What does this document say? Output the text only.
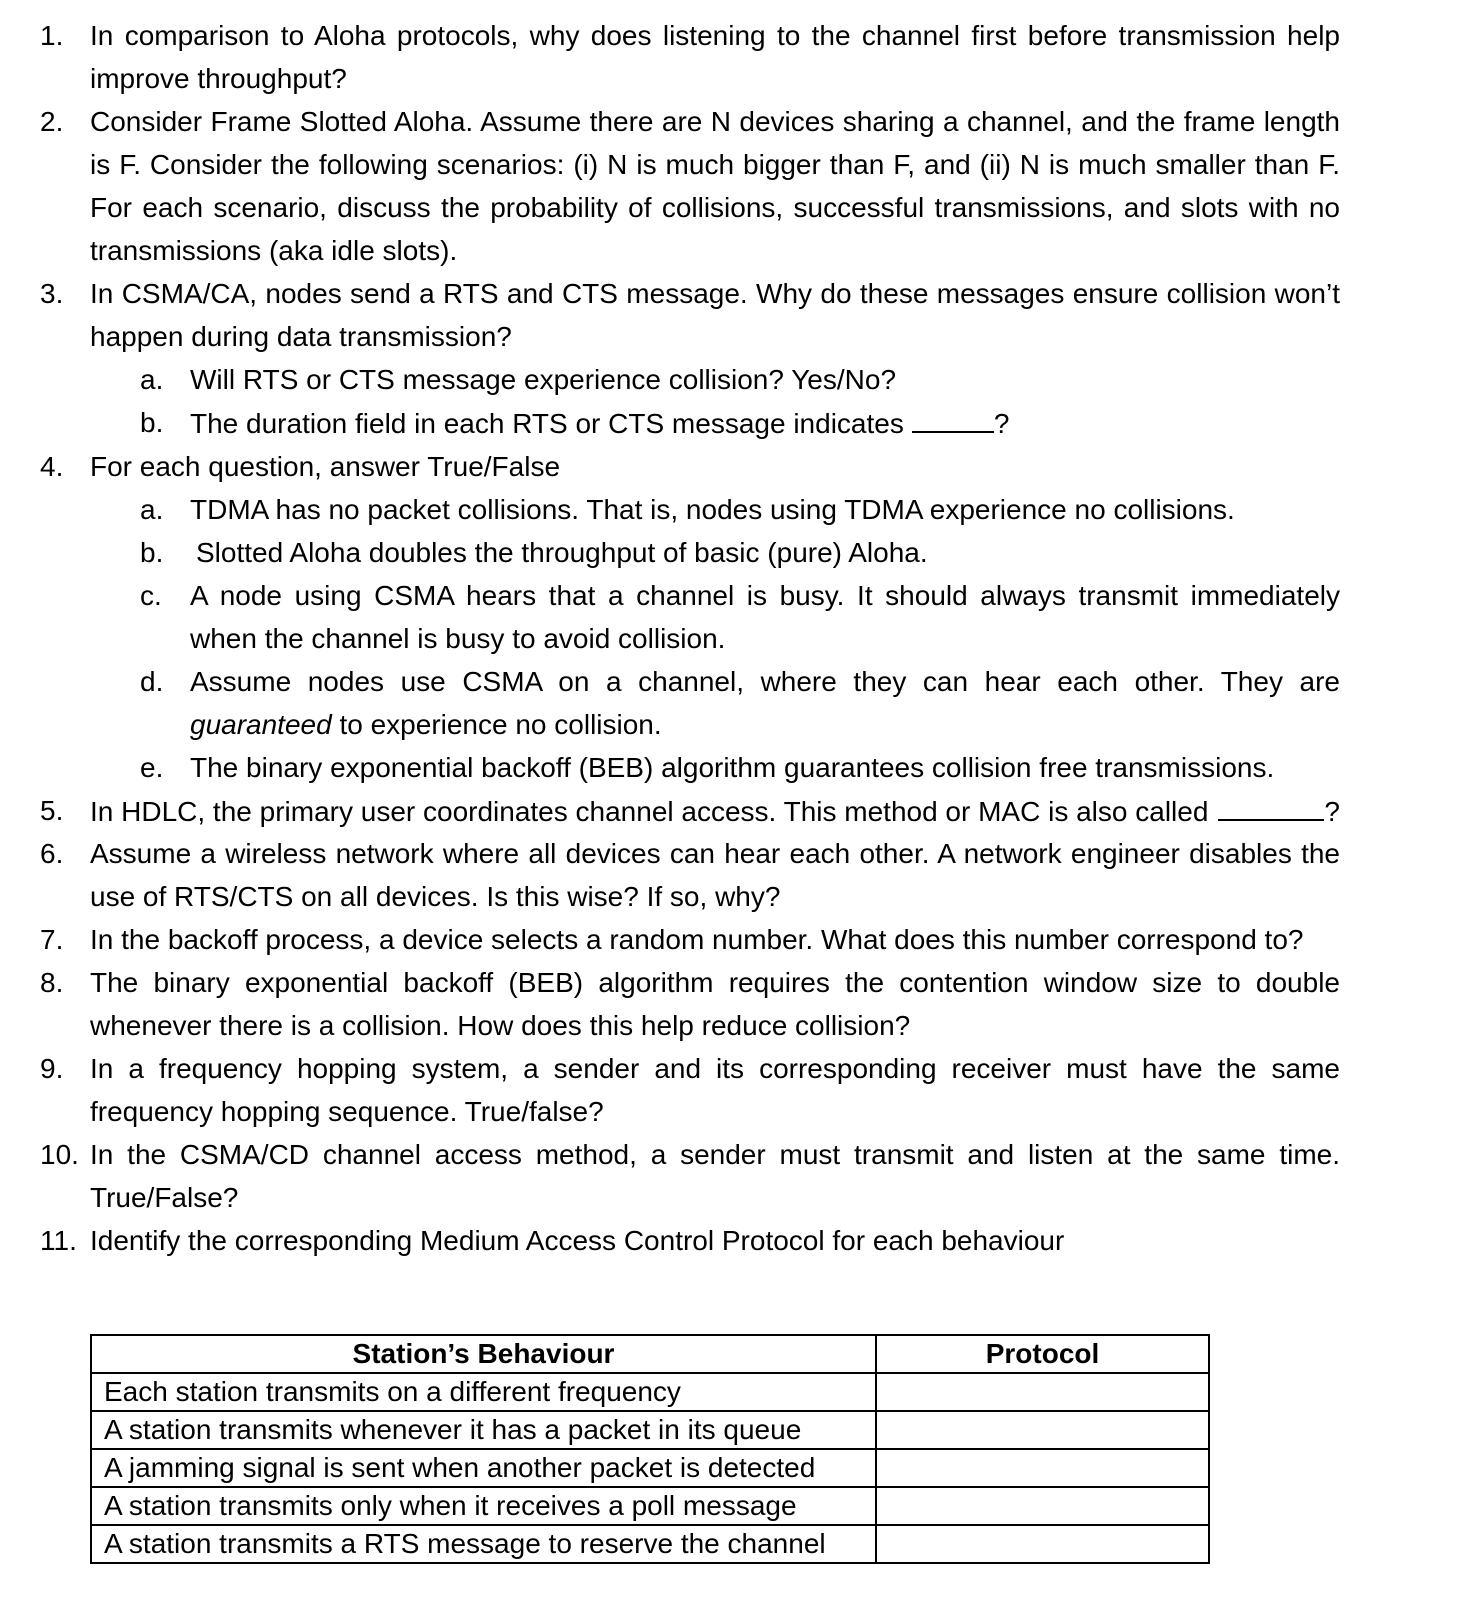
1. In comparison to Aloha protocols, why does listening to the channel first before transmission help
improve throughput?
2. Consider Frame Slotted Aloha. Assume there are N devices sharing a channel, and the frame length
is F. Consider the following scenarios: (i) N is much bigger than F, and (ii) N is much smaller than F.
For each scenario, discuss the probability of collisions, successful transmissions, and slots with no
transmissions (aka idle slots).
3. In CSMA/CA, nodes send a RTS and CTS message. Why do these messages ensure collision won’t
happen during data transmission?
a. Will RTS or CTS message experience collision? Yes/No?
b. The duration field in each RTS or CTS message indicates	?
4. For each question, answer True/False
a. TDMA has no packet collisions. That is, nodes using TDMA experience no collisions.
b. Slotted Aloha doubles the throughput of basic (pure) Aloha.
c. A node using CSMA hears that a channel is busy. It should always transmit immediately
when the channel is busy to avoid collision.
d. Assume nodes use CSMA on a channel, where they can hear each other. They are
guaranteed to experience no collision.
e. The binary exponential backoff (BEB) algorithm guarantees collision free transmissions.
5. In HDLC, the primary user coordinates channel access. This method or MAC is also called	?
6. Assume a wireless network where all devices can hear each other. A network engineer disables the
use of RTS/CTS on all devices. Is this wise? If so, why?
7. In the backoff process, a device selects a random number. What does this number correspond to?
8. The binary exponential backoff (BEB) algorithm requires the contention window size to double
whenever there is a collision. How does this help reduce collision?
9. In a frequency hopping system, a sender and its corresponding receiver must have the same
frequency hopping sequence. True/false?
10. In the CSMA/CD channel access method, a sender must transmit and listen at the same time.
True/False?
11. Identify the corresponding Medium Access Control Protocol for each behaviour
Station’s Behaviour	Protocol
Each station transmits on a different frequency	
A station transmits whenever it has a packet in its queue	
A jamming signal is sent when another packet is detected	
A station transmits only when it receives a poll message	
A station transmits a RTS message to reserve the channel	
